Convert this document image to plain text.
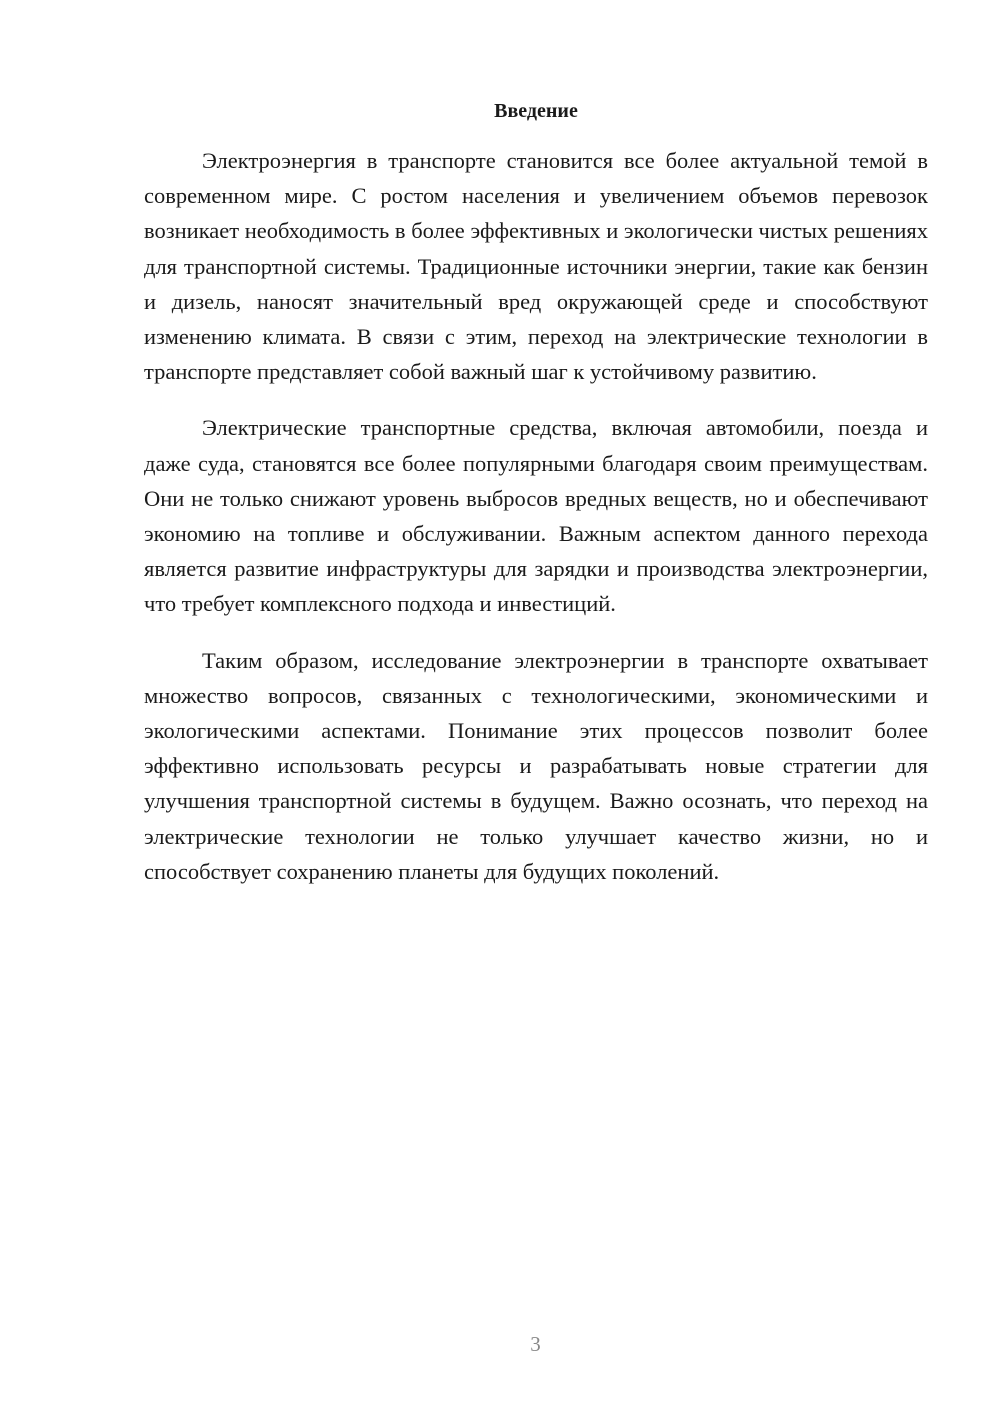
Введение

Электроэнергия в транспорте становится все более актуальной темой в современном мире. С ростом населения и увеличением объемов перевозок возникает необходимость в более эффективных и экологически чистых решениях для транспортной системы. Традиционные источники энергии, такие как бензин и дизель, наносят значительный вред окружающей среде и способствуют изменению климата. В связи с этим, переход на электрические технологии в транспорте представляет собой важный шаг к устойчивому развитию.

Электрические транспортные средства, включая автомобили, поезда и даже суда, становятся все более популярными благодаря своим преимуществам. Они не только снижают уровень выбросов вредных веществ, но и обеспечивают экономию на топливе и обслуживании. Важным аспектом данного перехода является развитие инфраструктуры для зарядки и производства электроэнергии, что требует комплексного подхода и инвестиций.

Таким образом, исследование электроэнергии в транспорте охватывает множество вопросов, связанных с технологическими, экономическими и экологическими аспектами. Понимание этих процессов позволит более эффективно использовать ресурсы и разрабатывать новые стратегии для улучшения транспортной системы в будущем. Важно осознать, что переход на электрические технологии не только улучшает качество жизни, но и способствует сохранению планеты для будущих поколений.

3
